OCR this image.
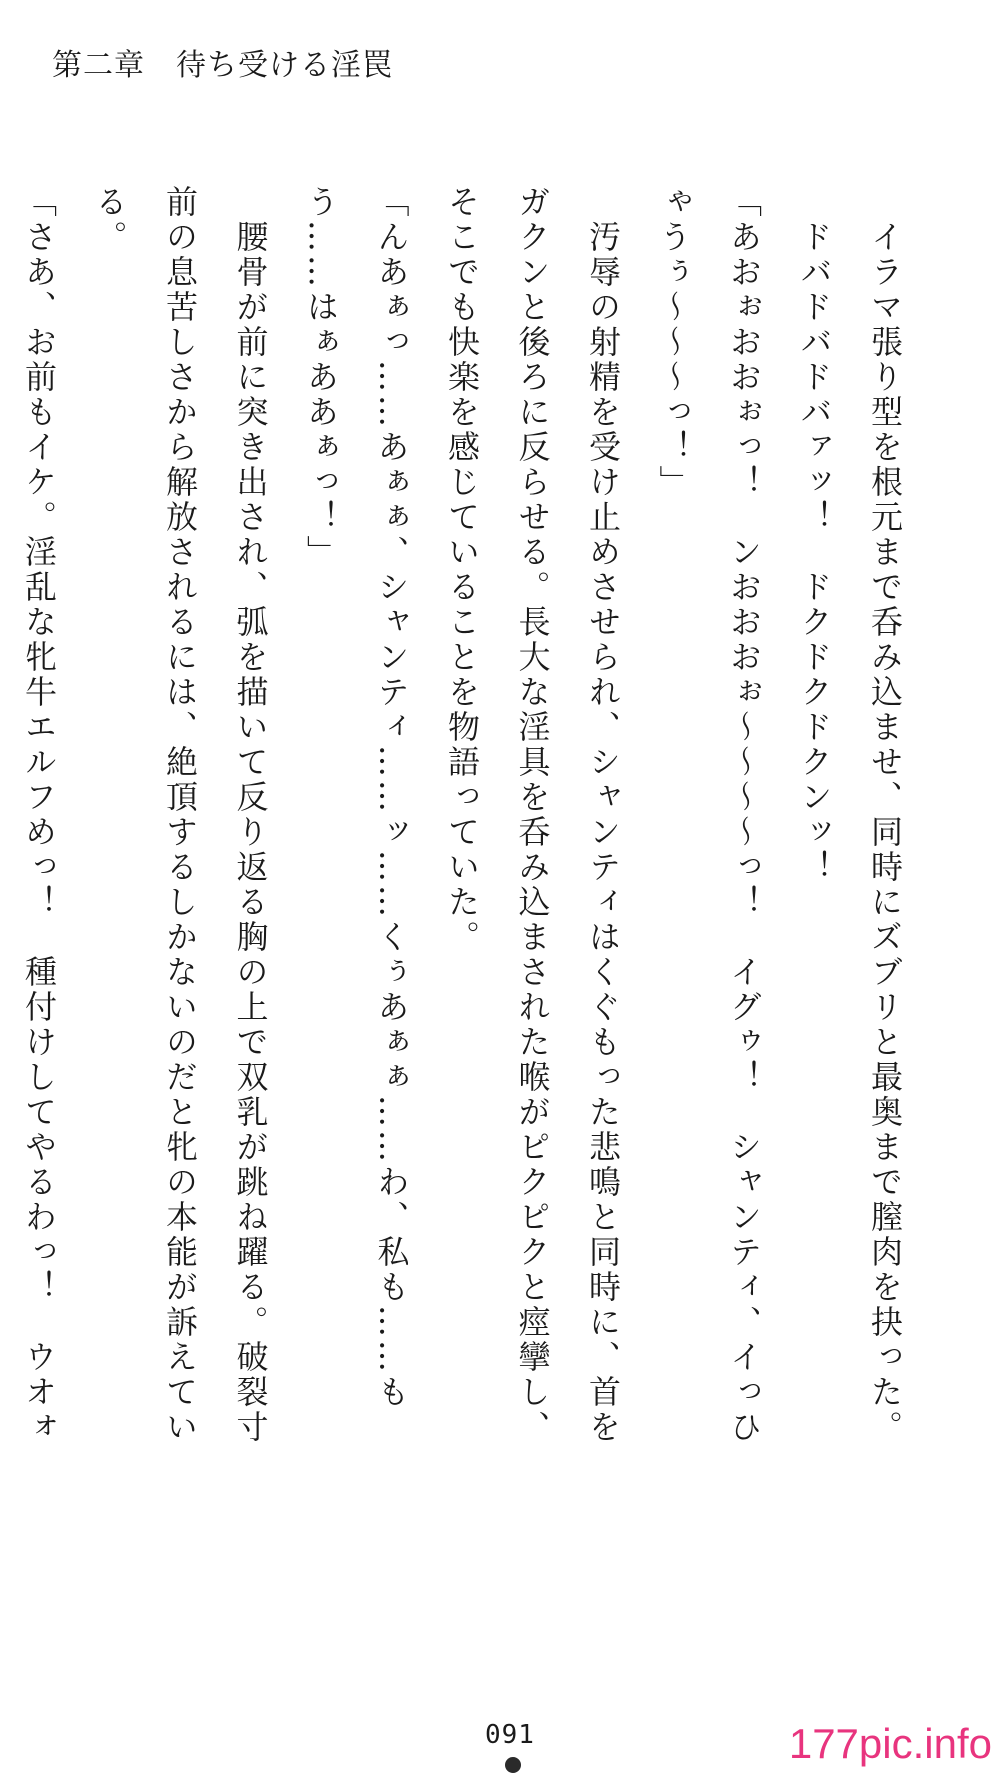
第二章　待ち受ける淫罠

　イラマ張り型を根元まで呑み込ませ、同時にズブリと最奥まで膣肉を抉った。

　ドバドバドバァッ！　ドクドクドクンッ！

「あおぉおおぉっ！　ンおおおぉ〜〜〜〜っ！　イグゥ！　シャンティ、イっひゃうぅ〜〜〜っ！」

　汚辱の射精を受け止めさせられ、シャンティはくぐもった悲鳴と同時に、首をガクンと後ろに反らせる。長大な淫具を呑み込まされた喉がピクピクと痙攣し、そこでも快楽を感じていることを物語っていた。

「んあぁっ……あぁぁ、シャンティ……ッ……くぅあぁぁ……わ、私も……もう……はぁああぁっ！」

　腰骨が前に突き出され、弧を描いて反り返る胸の上で双乳が跳ね躍る。破裂寸前の息苦しさから解放されるには、絶頂するしかないのだと牝の本能が訴えている。

「さあ、お前もイケ。淫乱な牝牛エルフめっ！　種付けしてやるわっ！　ウオォ

091	177pic.info
